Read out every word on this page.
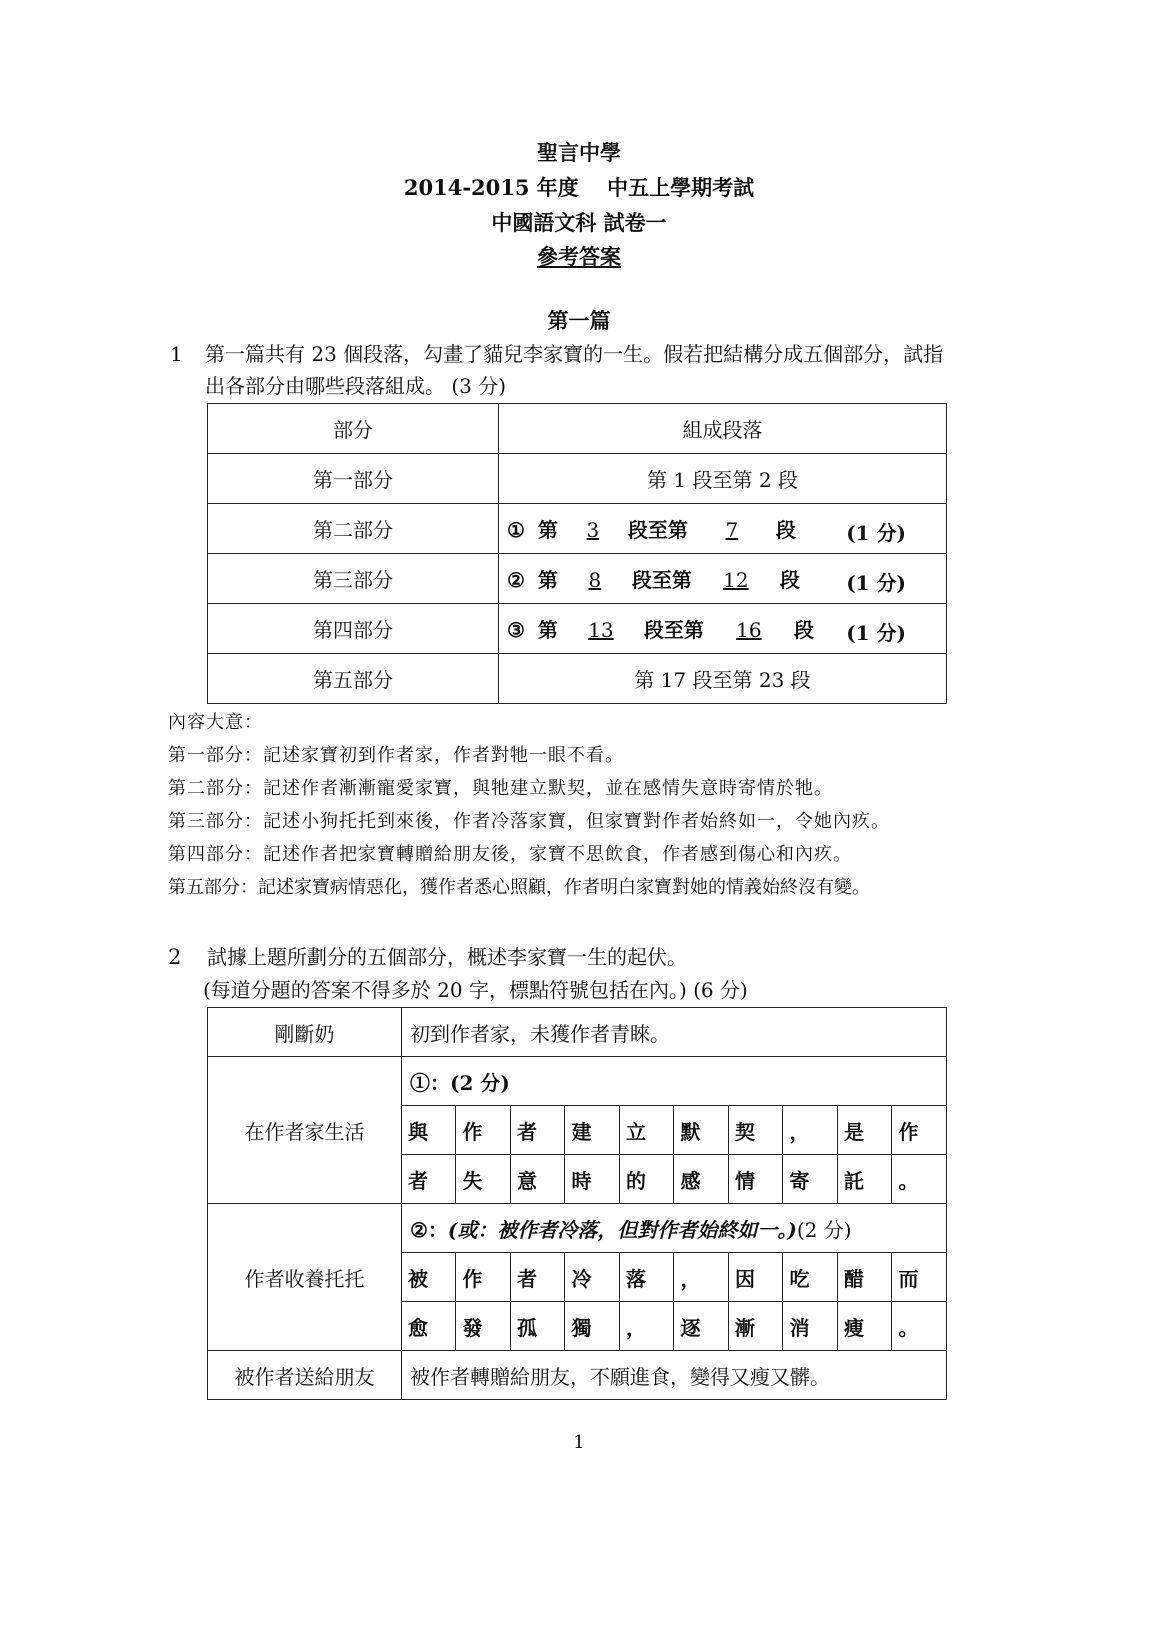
聖言中學
2014-2015 年度　 中五上學期考試
中國語文科 試卷一
參考答案
第一篇
1 第一篇共有 23 個段落，勾畫了貓兒李家寶的一生。假若把結構分成五個部分，試指
出各部分由哪些段落組成。 (3 分)
部分	組成段落
第一部分	第 1 段至第 2 段
第二部分	① 第 3 段至第 7 段 (1 分)

第三部分	② 第 8 段至第 12 段 (1 分)

第四部分	③ 第 13 段至第 16 段 (1 分)

第五部分	第 17 段至第 23 段
內容大意：
第一部分：記述家寶初到作者家，作者對牠一眼不看。
第二部分：記述作者漸漸寵愛家寶，與牠建立默契，並在感情失意時寄情於牠。
第三部分：記述小狗托托到來後，作者冷落家寶，但家寶對作者始終如一，令她內疚。
第四部分：記述作者把家寶轉贈給朋友後，家寶不思飲食，作者感到傷心和內疚。
第五部分：記述家寶病情惡化，獲作者悉心照顧，作者明白家寶對她的情義始終沒有變。
2 試據上題所劃分的五個部分，概述李家寶一生的起伏。
(每道分題的答案不得多於 20 字，標點符號包括在內。) (6 分)
剛斷奶	初到作者家，未獲作者青睞。									
在作者家生活	①：(2 分)									
	與	作	者	建	立	默	契	，	是	作
	者	失	意	時	的	感	情	寄	託	。
作者收養托托	②：(或：被作者冷落，但對作者始終如一。)(2 分)									
	被	作	者	冷	落	，	因	吃	醋	而
	愈	發	孤	獨	，	逐	漸	消	瘦	。
被作者送給朋友	被作者轉贈給朋友，不願進食，變得又瘦又髒。									
1
